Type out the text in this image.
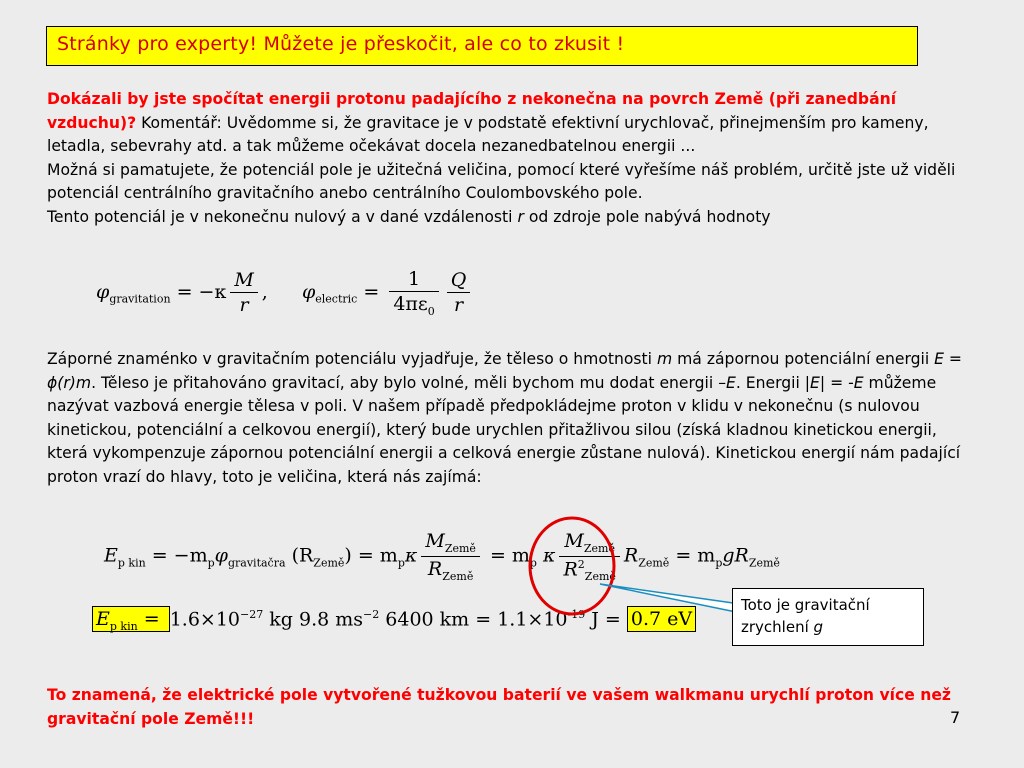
Stránky pro experty! Můžete je přeskočit, ale co to zkusit !

Dokázali by jste spočítat energii protonu padajícího z nekonečna na povrch Země (při zanedbání vzduchu)? Komentář: Uvědomme si, že gravitace je v podstatě efektivní urychlovač, přinejmenším pro kameny, letadla, sebevrahy atd. a tak můžeme očekávat docela nezanedbatelnou energii ...
Možná si pamatujete, že potenciál pole je užitečná veličina, pomocí které vyřešíme náš problém, určitě jste už viděli potenciál centrálního gravitačního anebo centrálního Coulombovského pole.
Tento potenciál je v nekonečnu nulový a v dané vzdálenosti r od zdroje pole nabývá hodnoty

$\varphi_{gravitation} = -\kappa \frac{M}{r}$ , $\varphi_{electric} = \frac{1}{4\pi\varepsilon_0} \frac{Q}{r}$

Záporné znaménko v gravitačním potenciálu vyjadřuje, že těleso o hmotnosti m má zápornou potenciální energii E = ϕ(r)m. Těleso je přitahováno gravitací, aby bylo volné, měli bychom mu dodat energii –E. Energii |E| = -E můžeme nazývat vazbová energie tělesa v poli. V našem případě předpokládejme proton v klidu v nekonečnu (s nulovou kinetickou, potenciální a celkovou energií), který bude urychlen přitažlivou silou (získá kladnou kinetickou energii, která vykompenzuje zápornou potenciální energii a celková energie zůstane nulová). Kinetickou energií nám padající proton vrazí do hlavy, toto je veličina, která nás zajímá:

$E_{p kin} = -m_p\varphi_{gravitačra}$ $(R_{Země}) = m_p\kappa \frac{M_{Země}}{R_{Země}} = m_p$ κ $\frac{M_{Země}}{R^2_{Země}} R_{Země} = m_pgR_{Země}$
$E_{p kin} = 1.6\times 10^{-27}$ kg 9.8 $ms^{-2}$ 6400 km = $1.1\times 10^{-19}$ J = 0.7 eV
Toto je gravitační
zrychlení g

To znamená, že elektrické pole vytvořené tužkovou baterií ve vašem walkmanu urychlí proton více než gravitační pole Země!!!	7
